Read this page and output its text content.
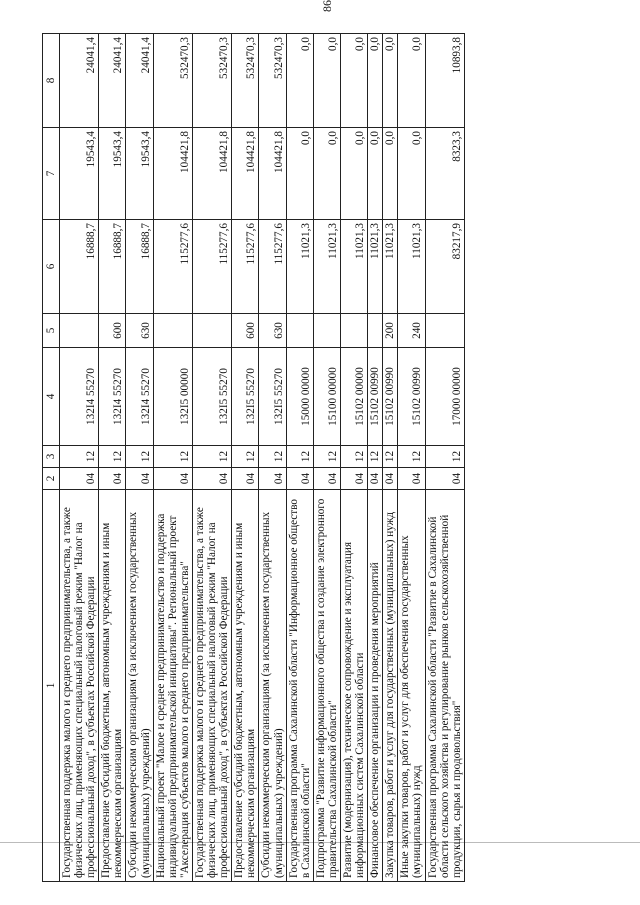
86
1	2	3	4	5	6	7	8
Государственная поддержка малого и среднего предпринимательства, а также физических лиц, применяющих специальный налоговый режим "Налог на профессиональный доход", в субъектах Российской Федерации	04	12	132I4 55270		16888,7	19543,4	24041,4
Предоставление субсидий бюджетным, автономным учреждениям и иным некоммерческим организациям	04	12	132I4 55270	600	16888,7	19543,4	24041,4
Субсидии некоммерческим организациям (за исключением государственных (муниципальных) учреждений)	04	12	132I4 55270	630	16888,7	19543,4	24041,4
Национальный проект "Малое и среднее предпринимательство и поддержка индивидуальной предпринимательской инициативы". Региональный проект "Акселерация субъектов малого и среднего предпринимательства"	04	12	132I5 00000		115277,6	104421,8	532470,3
Государственная поддержка малого и среднего предпринимательства, а также физических лиц, применяющих специальный налоговый режим "Налог на профессиональный доход", в субъектах Российской Федерации	04	12	132I5 55270		115277,6	104421,8	532470,3
Предоставление субсидий бюджетным, автономным учреждениям и иным некоммерческим организациям	04	12	132I5 55270	600	115277,6	104421,8	532470,3
Субсидии некоммерческим организациям (за исключением государственных (муниципальных) учреждений)	04	12	132I5 55270	630	115277,6	104421,8	532470,3
Государственная программа Сахалинской области "Информационное общество в Сахалинской области"	04	12	15000 00000		11021,3	0,0	0,0
Подпрограмма "Развитие информационного общества и создание электронного правительства Сахалинской области"	04	12	15100 00000		11021,3	0,0	0,0
Развитие (модернизация), техническое сопровождение и эксплуатация информационных систем Сахалинской области	04	12	15102 00000		11021,3	0,0	0,0
Финансовое обеспечение организации и проведения мероприятий	04	12	15102 00990		11021,3	0,0	0,0
Закупка товаров, работ и услуг для государственных (муниципальных) нужд	04	12	15102 00990	200	11021,3	0,0	0,0
Иные закупки товаров, работ и услуг для обеспечения государственных (муниципальных) нужд	04	12	15102 00990	240	11021,3	0,0	0,0
Государственная программа Сахалинской области "Развитие в Сахалинской области сельского хозяйства и регулирование рынков сельскохозяйственной продукции, сырья и продовольствия"	04	12	17000 00000		83217,9	8323,3	10893,8
